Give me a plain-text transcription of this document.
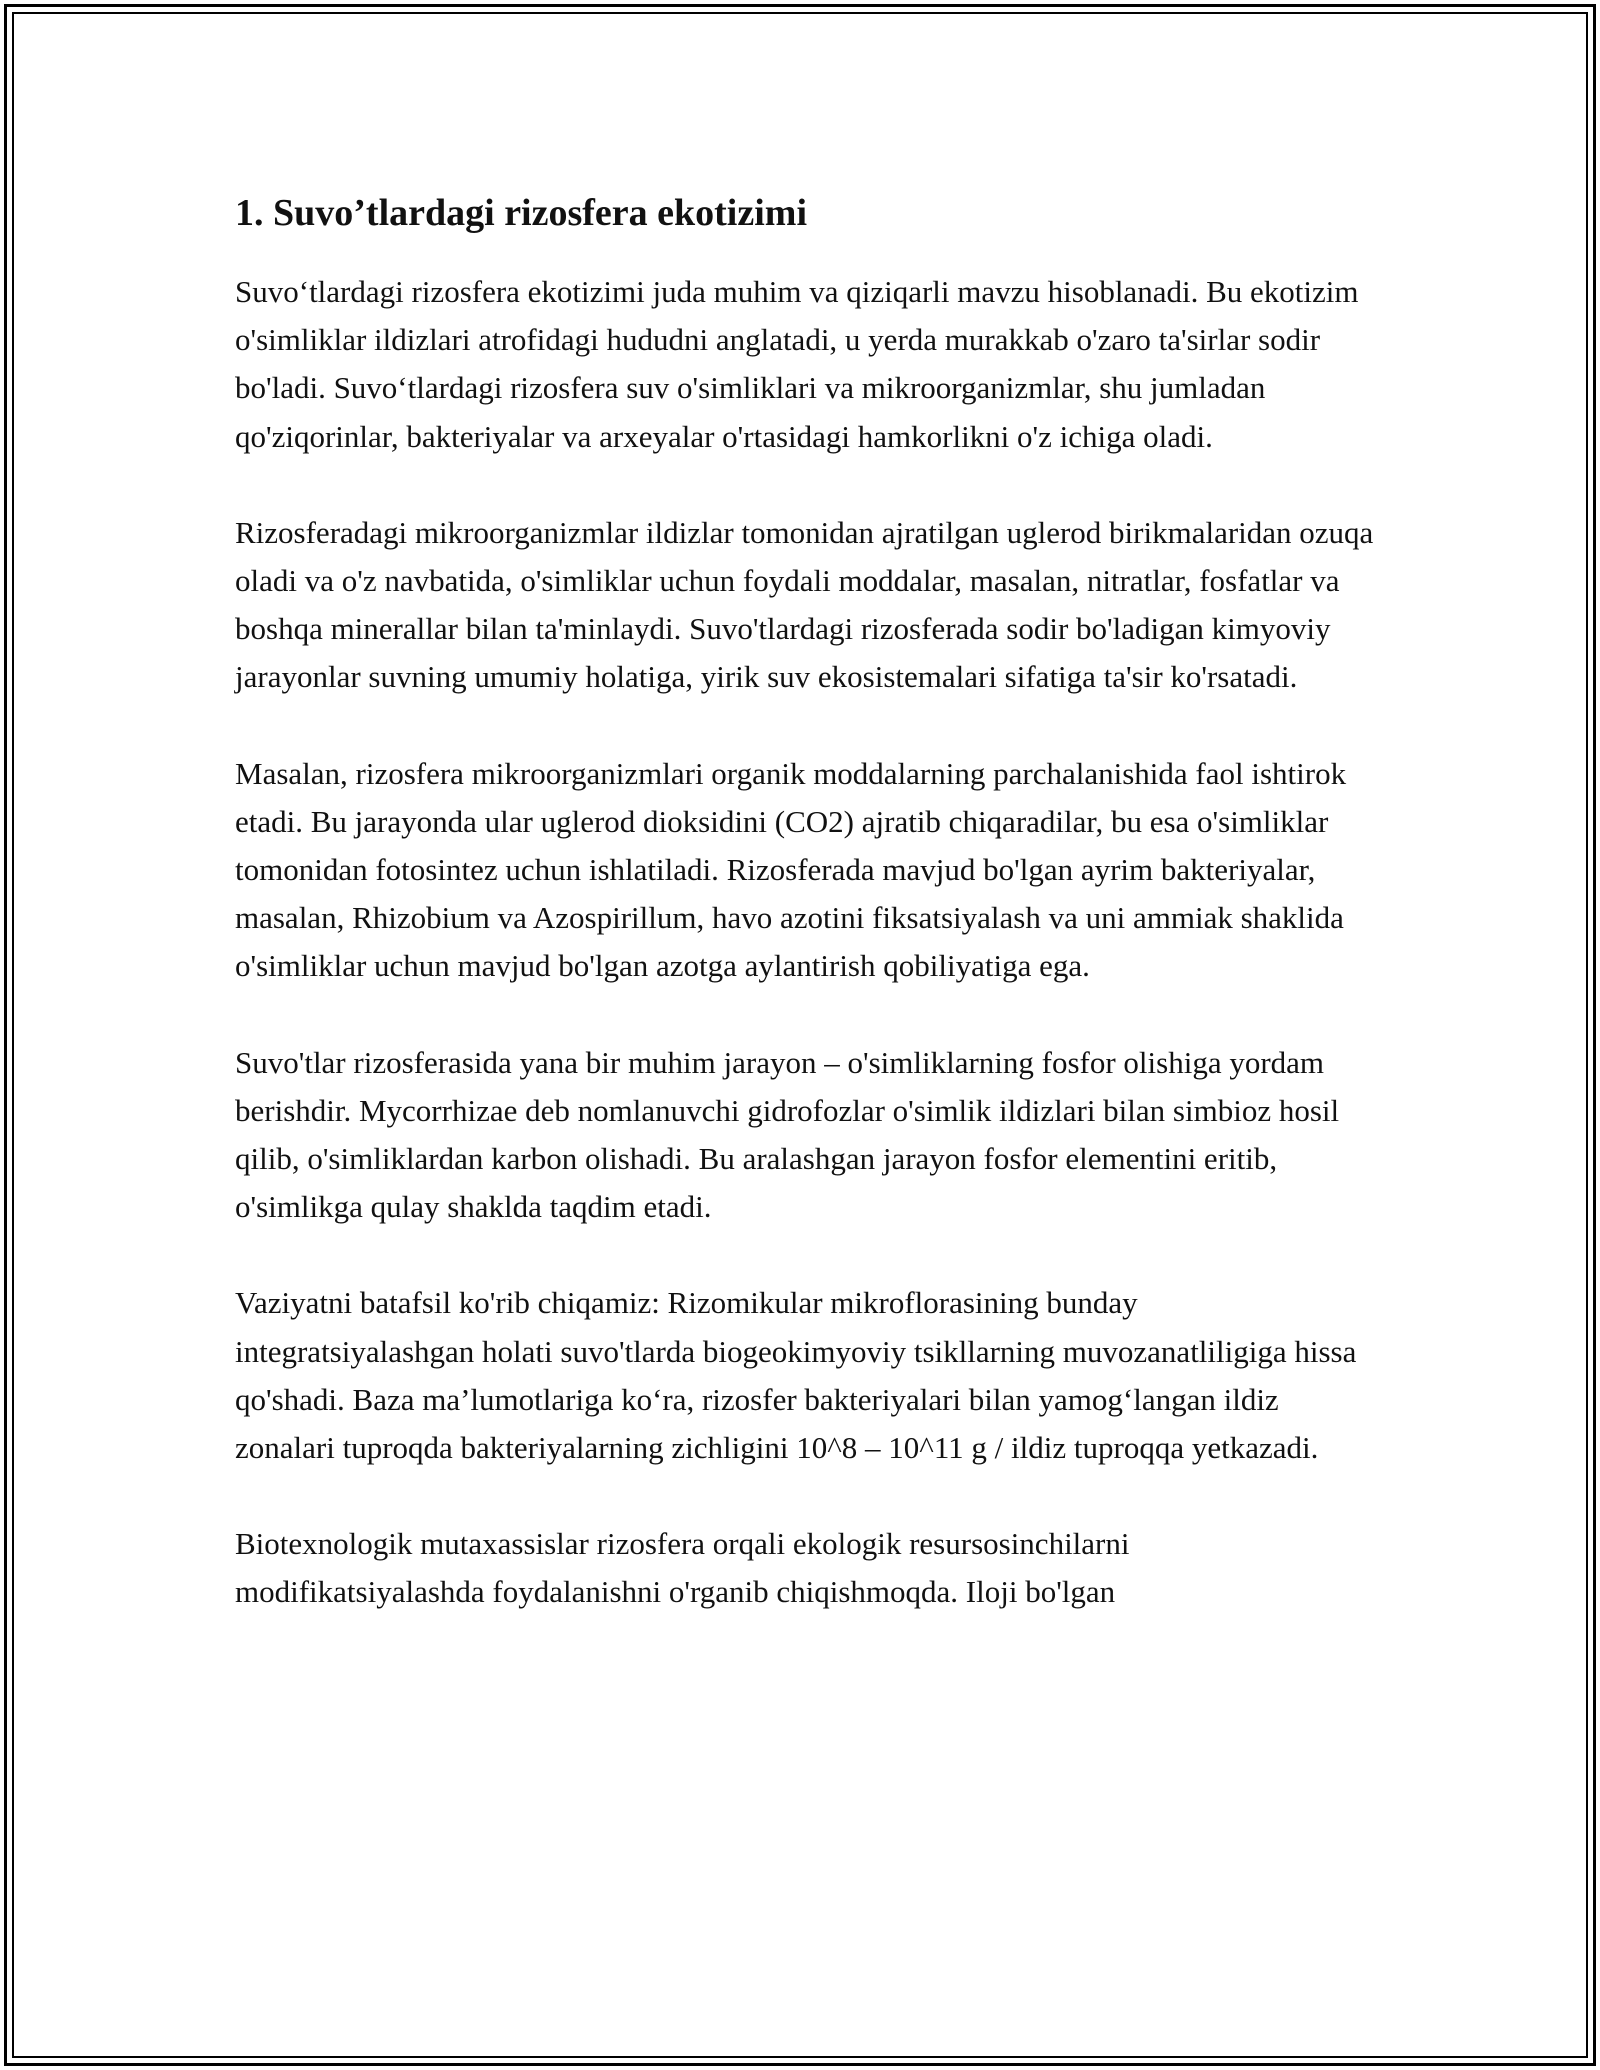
1. Suvo’tlardagi rizosfera ekotizimi

Suvo‘tlardagi rizosfera ekotizimi juda muhim va qiziqarli mavzu hisoblanadi. Bu ekotizim o'simliklar ildizlari atrofidagi hududni anglatadi, u yerda murakkab o'zaro ta'sirlar sodir bo'ladi. Suvo‘tlardagi rizosfera suv o'simliklari va mikroorganizmlar, shu jumladan qo'ziqorinlar, bakteriyalar va arxeyalar o'rtasidagi hamkorlikni o'z ichiga oladi.

Rizosferadagi mikroorganizmlar ildizlar tomonidan ajratilgan uglerod birikmalaridan ozuqa oladi va o'z navbatida, o'simliklar uchun foydali moddalar, masalan, nitratlar, fosfatlar va boshqa minerallar bilan ta'minlaydi. Suvo'tlardagi rizosferada sodir bo'ladigan kimyoviy jarayonlar suvning umumiy holatiga, yirik suv ekosistemalari sifatiga ta'sir ko'rsatadi.

Masalan, rizosfera mikroorganizmlari organik moddalarning parchalanishida faol ishtirok etadi. Bu jarayonda ular uglerod dioksidini (CO2) ajratib chiqaradilar, bu esa o'simliklar tomonidan fotosintez uchun ishlatiladi. Rizosferada mavjud bo'lgan ayrim bakteriyalar, masalan, Rhizobium va Azospirillum, havo azotini fiksatsiyalash va uni ammiak shaklida o'simliklar uchun mavjud bo'lgan azotga aylantirish qobiliyatiga ega.

Suvo'tlar rizosferasida yana bir muhim jarayon – o'simliklarning fosfor olishiga yordam berishdir. Mycorrhizae deb nomlanuvchi gidrofozlar o'simlik ildizlari bilan simbioz hosil qilib, o'simliklardan karbon olishadi. Bu aralashgan jarayon fosfor elementini eritib, o'simlikga qulay shakldа taqdim etadi.

Vaziyatni batafsil ko'rib chiqamiz: Rizomikular mikroflorasining bunday integratsiyalashgan holati suvo'tlarda biogeokimyoviy tsikllarning muvozanatliligiga hissa qo'shadi. Baza ma’lumotlariga ko‘ra, rizosfer bakteriyalari bilan yamog‘langan ildiz zonalari tuproqda bakteriyalarning zichligini 10^8 – 10^11 g / ildiz tuproqqa yetkazadi.

Biotexnologik mutaxassislar rizosfera orqali ekologik resursosinchilarni modifikatsiyalashda foydalanishni o'rganib chiqishmoqda. Iloji bo'lgan
